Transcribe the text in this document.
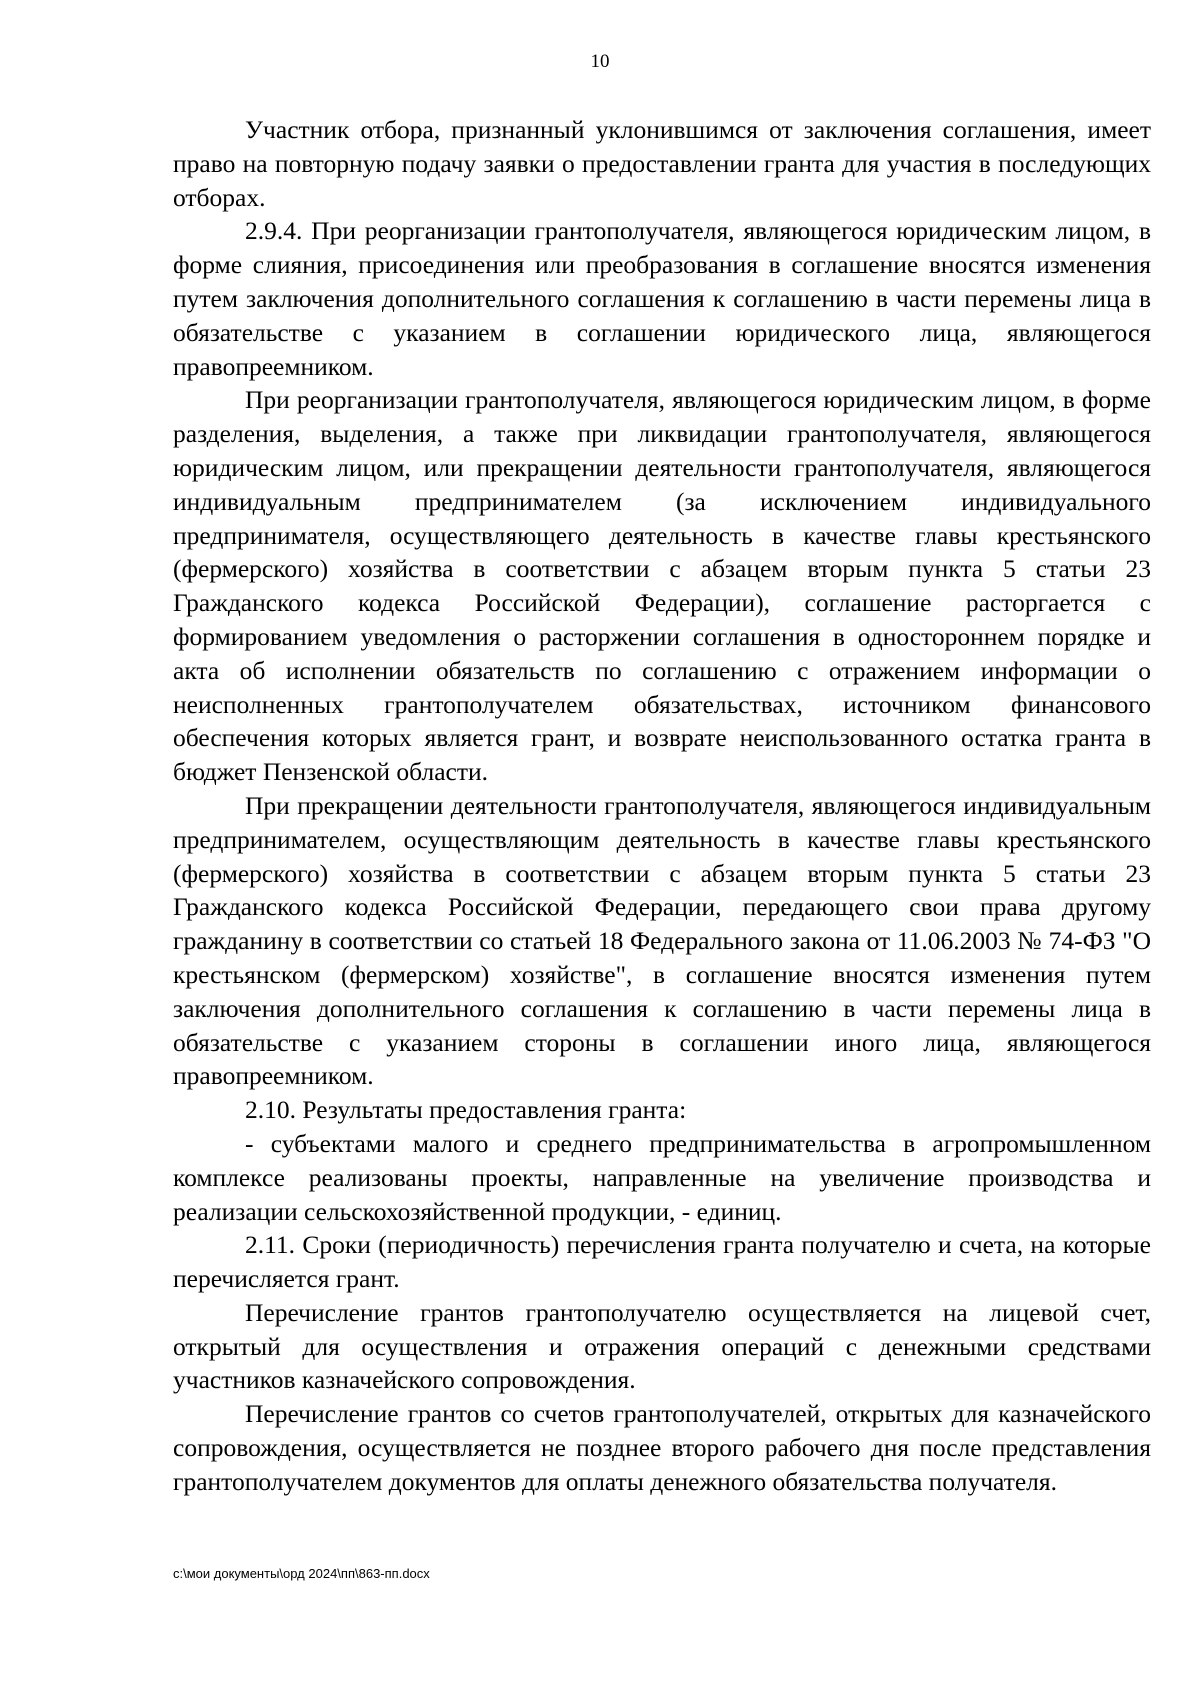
10

Участник отбора, признанный уклонившимся от заключения соглашения, имеет право на повторную подачу заявки о предоставлении гранта для участия в последующих отборах.

2.9.4. При реорганизации грантополучателя, являющегося юридическим лицом, в форме слияния, присоединения или преобразования в соглашение вносятся изменения путем заключения дополнительного соглашения к соглашению в части перемены лица в обязательстве с указанием в соглашении юридического лица, являющегося правопреемником.

При реорганизации грантополучателя, являющегося юридическим лицом, в форме разделения, выделения, а также при ликвидации грантополучателя, являющегося юридическим лицом, или прекращении деятельности грантополучателя, являющегося индивидуальным предпринимателем (за исключением индивидуального предпринимателя, осуществляющего деятельность в качестве главы крестьянского (фермерского) хозяйства в соответствии с абзацем вторым пункта 5 статьи 23 Гражданского кодекса Российской Федерации), соглашение расторгается с формированием уведомления о расторжении соглашения в одностороннем порядке и акта об исполнении обязательств по соглашению с отражением информации о неисполненных грантополучателем обязательствах, источником финансового обеспечения которых является грант, и возврате неиспользованного остатка гранта в бюджет Пензенской области.

При прекращении деятельности грантополучателя, являющегося индивидуальным предпринимателем, осуществляющим деятельность в качестве главы крестьянского (фермерского) хозяйства в соответствии с абзацем вторым пункта 5 статьи 23 Гражданского кодекса Российской Федерации, передающего свои права другому гражданину в соответствии со статьей 18 Федерального закона от 11.06.2003 № 74-ФЗ "О крестьянском (фермерском) хозяйстве", в соглашение вносятся изменения путем заключения дополнительного соглашения к соглашению в части перемены лица в обязательстве с указанием стороны в соглашении иного лица, являющегося правопреемником.

2.10. Результаты предоставления гранта:

- субъектами малого и среднего предпринимательства в агропромышленном комплексе реализованы проекты, направленные на увеличение производства и реализации сельскохозяйственной продукции, - единиц.

2.11. Сроки (периодичность) перечисления гранта получателю и счета, на которые перечисляется грант.

Перечисление грантов грантополучателю осуществляется на лицевой счет, открытый для осуществления и отражения операций с денежными средствами участников казначейского сопровождения.

Перечисление грантов со счетов грантополучателей, открытых для казначейского сопровождения, осуществляется не позднее второго рабочего дня после представления грантополучателем документов для оплаты денежного обязательства получателя.

c:\мои документы\орд 2024\пп\863-пп.docx
